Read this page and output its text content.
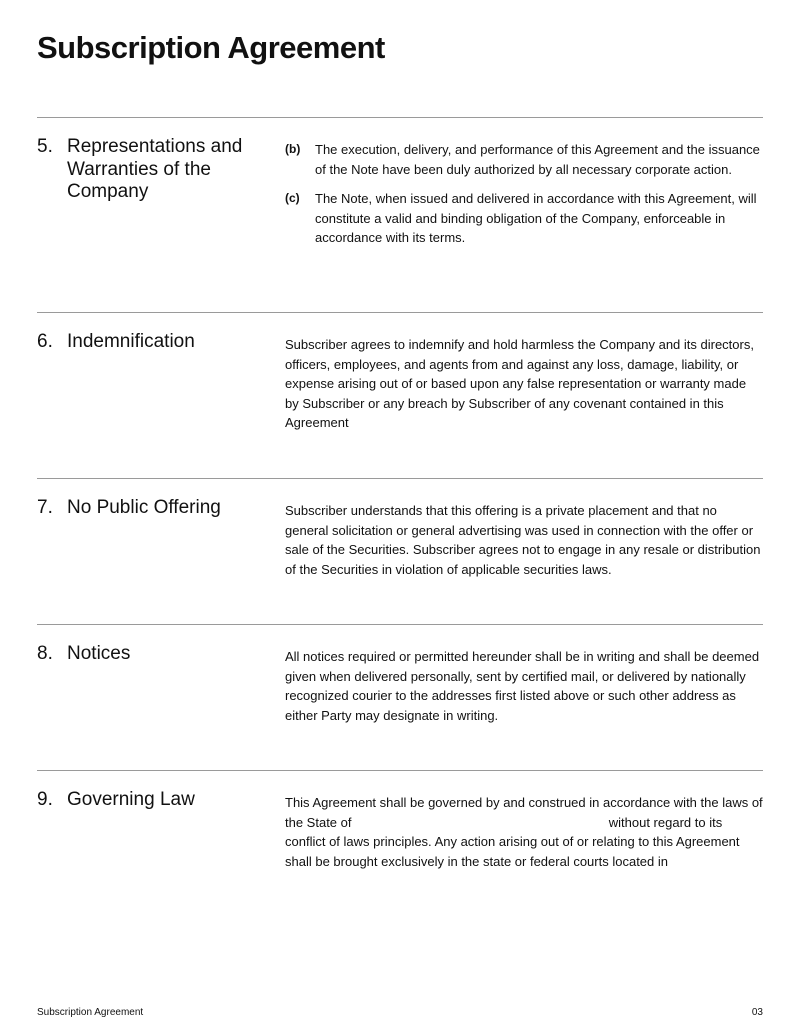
Subscription Agreement
5. Representations and Warranties of the Company
(b)	The execution, delivery, and performance of this Agreement and the issuance of the Note have been duly authorized by all necessary corporate action.
(c)	The Note, when issued and delivered in accordance with this Agreement, will constitute a valid and binding obligation of the Company, enforceable in accordance with its terms.
6. Indemnification	Subscriber agrees to indemnify and hold harmless the Company and its directors, officers, employees, and agents from and against any loss, damage, liability, or expense arising out of or based upon any false representation or warranty made by Subscriber or any breach by Subscriber of any covenant contained in this Agreement

7. No Public Offering	Subscriber understands that this offering is a private placement and that no general solicitation or general advertising was used in connection with the offer or sale of the Securities. Subscriber agrees not to engage in any resale or distribution of the Securities in violation of applicable securities laws.

8. Notices	All notices required or permitted hereunder shall be in writing and shall be deemed given when delivered personally, sent by certified mail, or delivered by nationally recognized courier to the addresses first listed above or such other address as either Party may designate in writing.

9. Governing Law	This Agreement shall be governed by and construed in accordance with the laws of the State of	without regard to its conflict of laws principles. Any action arising out of or relating to this Agreement shall be brought exclusively in the state or federal courts located in

Subscription Agreement	03
